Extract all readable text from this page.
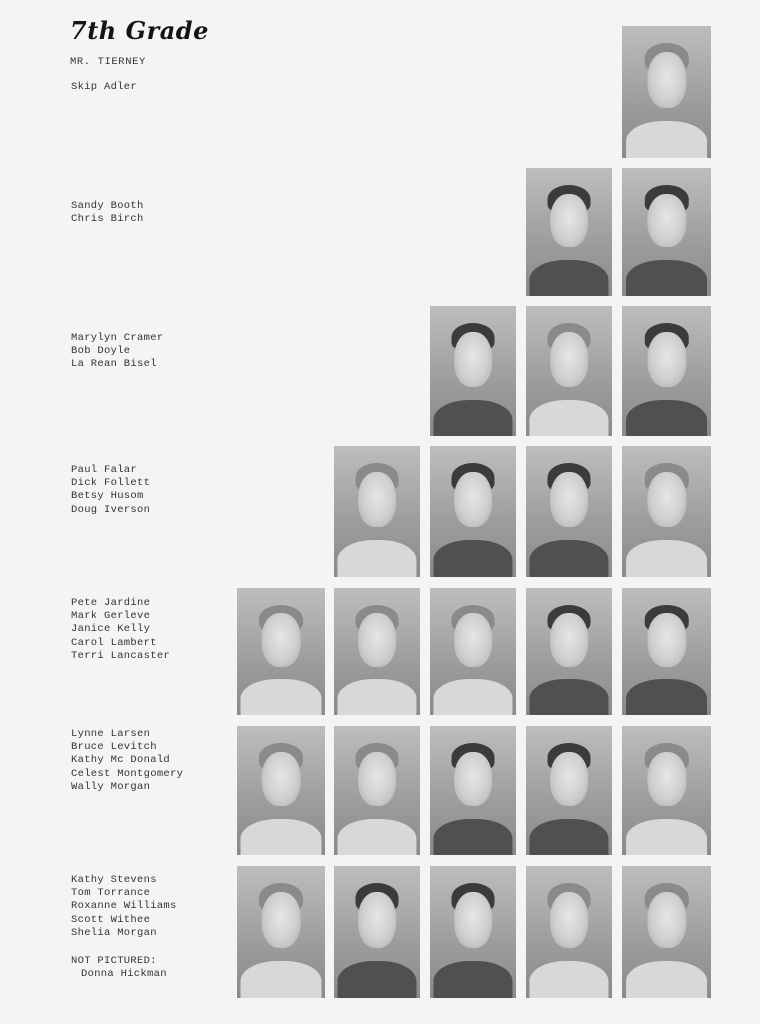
7th Grade
MR. TIERNEY
Skip Adler
Sandy Booth
Chris Birch
Marylyn Cramer
Bob Doyle
La Rean Bisel
Paul Falar
Dick Follett
Betsy Husom
Doug Iverson
Pete Jardine
Mark Gerleve
Janice Kelly
Carol Lambert
Terri Lancaster
Lynne Larsen
Bruce Levitch
Kathy Mc Donald
Celest Montgomery
Wally Morgan
Kathy Stevens
Tom Torrance
Roxanne Williams
Scott Withee
Shelia Morgan
NOT PICTURED:
Donna Hickman
